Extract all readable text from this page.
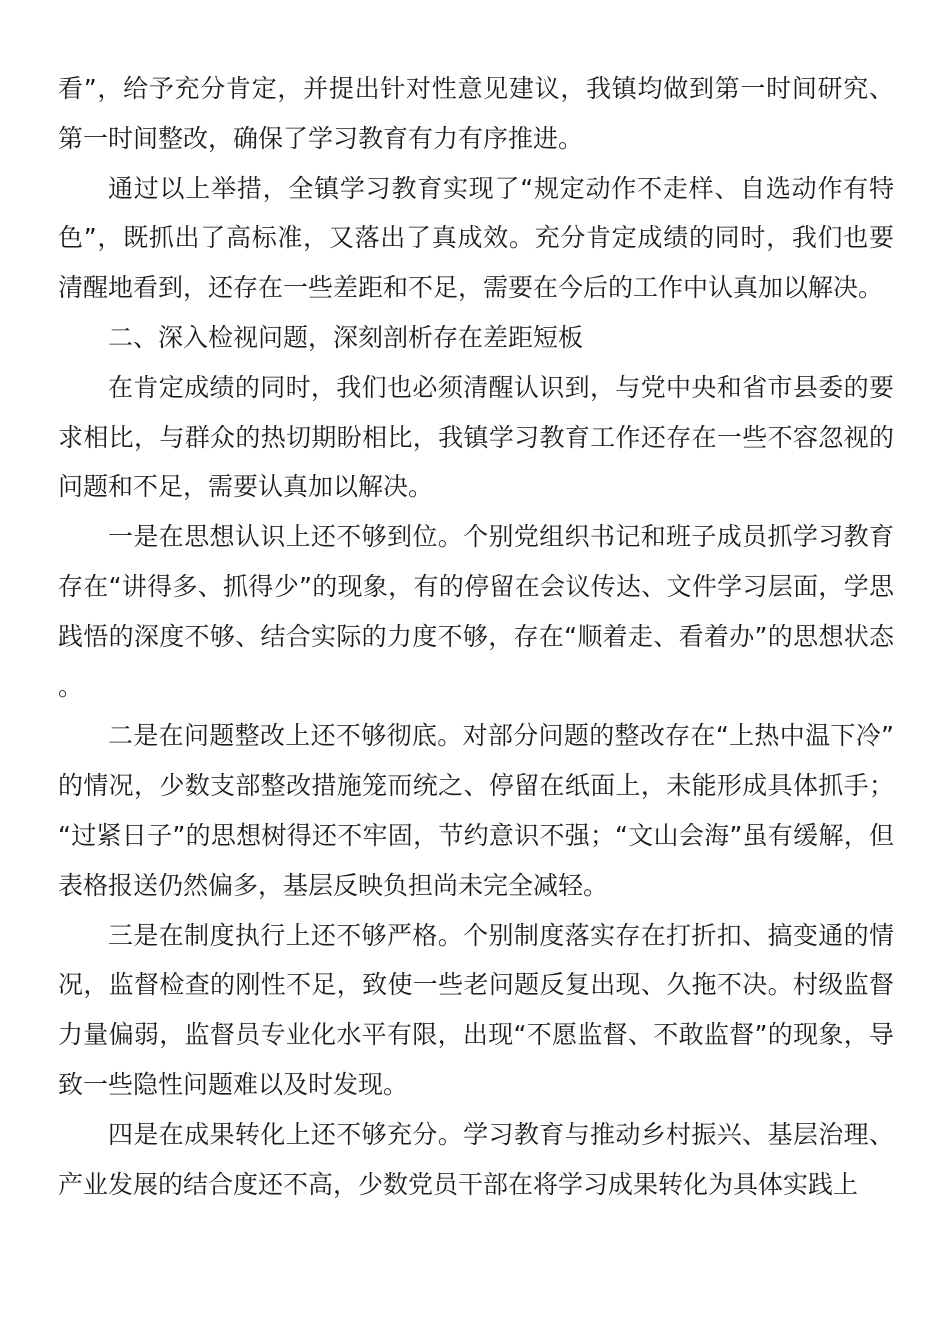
看”，给予充分肯定，并提出针对性意见建议，我镇均做到第一时间研究、第一时间整改，确保了学习教育有力有序推进。

通过以上举措，全镇学习教育实现了“规定动作不走样、自选动作有特色”，既抓出了高标准，又落出了真成效。充分肯定成绩的同时，我们也要清醒地看到，还存在一些差距和不足，需要在今后的工作中认真加以解决。

二、深入检视问题，深刻剖析存在差距短板

在肯定成绩的同时，我们也必须清醒认识到，与党中央和省市县委的要求相比，与群众的热切期盼相比，我镇学习教育工作还存在一些不容忽视的问题和不足，需要认真加以解决。

一是在思想认识上还不够到位。个别党组织书记和班子成员抓学习教育存在“讲得多、抓得少”的现象，有的停留在会议传达、文件学习层面，学思践悟的深度不够、结合实际的力度不够，存在“顺着走、看着办”的思想状态。

二是在问题整改上还不够彻底。对部分问题的整改存在“上热中温下冷”的情况，少数支部整改措施笼而统之、停留在纸面上，未能形成具体抓手；“过紧日子”的思想树得还不牢固，节约意识不强；“文山会海”虽有缓解，但表格报送仍然偏多，基层反映负担尚未完全减轻。

三是在制度执行上还不够严格。个别制度落实存在打折扣、搞变通的情况，监督检查的刚性不足，致使一些老问题反复出现、久拖不决。村级监督力量偏弱，监督员专业化水平有限，出现“不愿监督、不敢监督”的现象，导致一些隐性问题难以及时发现。

四是在成果转化上还不够充分。学习教育与推动乡村振兴、基层治理、产业发展的结合度还不高，少数党员干部在将学习成果转化为具体实践上
